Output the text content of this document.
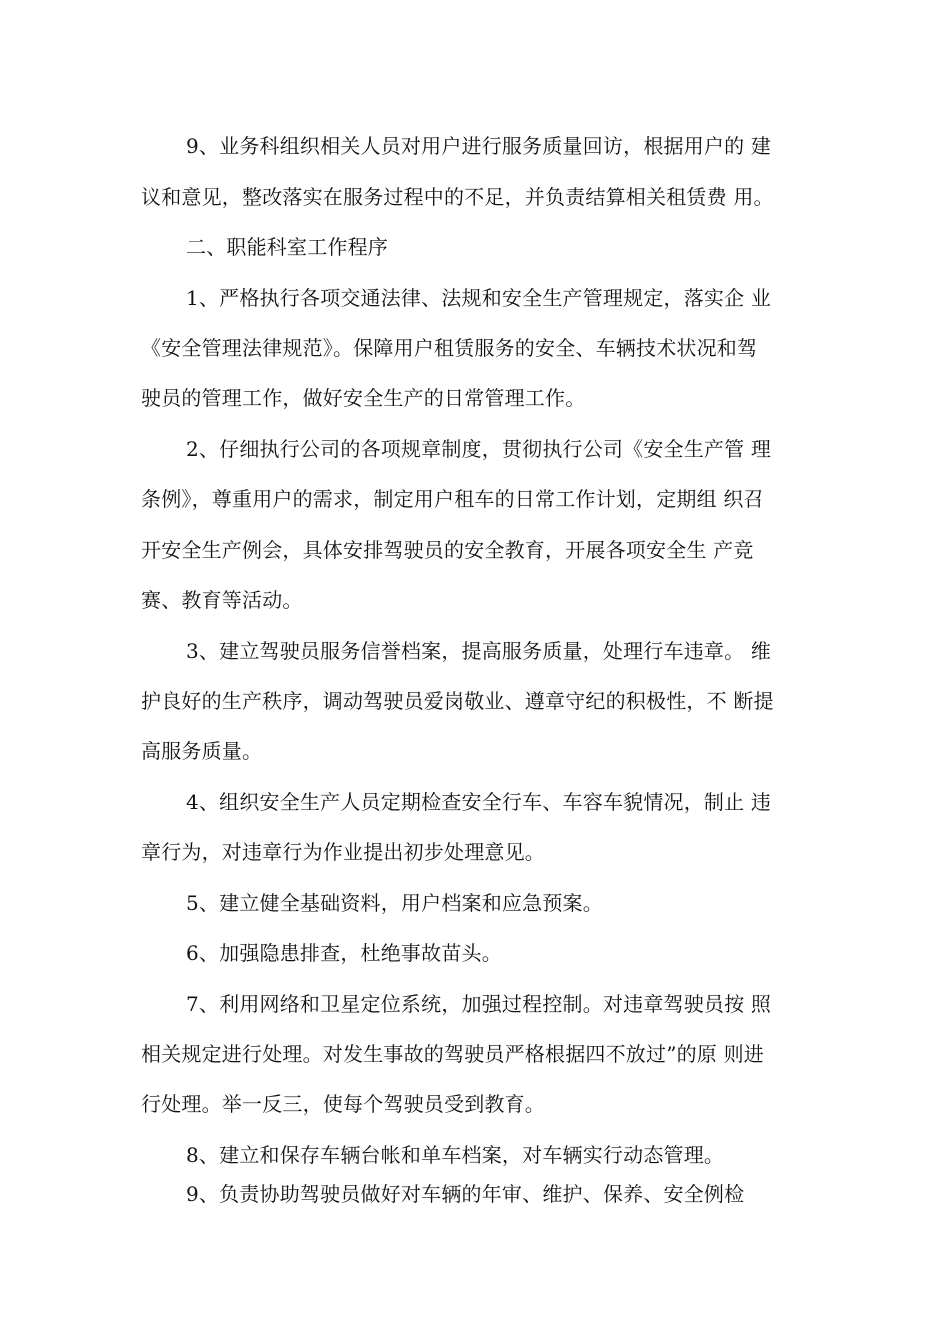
9、业务科组织相关人员对用户进行服务质量回访，根据用户的 建
议和意见，整改落实在服务过程中的不足，并负责结算相关租赁费 用。
二、职能科室工作程序
1、严格执行各项交通法律、法规和安全生产管理规定，落实企 业
《安全管理法律规范》。保障用户租赁服务的安全、车辆技术状况和驾
驶员的管理工作，做好安全生产的日常管理工作。
2、仔细执行公司的各项规章制度，贯彻执行公司《安全生产管 理
条例》，尊重用户的需求，制定用户租车的日常工作计划，定期组 织召
开安全生产例会，具体安排驾驶员的安全教育，开展各项安全生 产竞
赛、教育等活动。
3、建立驾驶员服务信誉档案，提高服务质量，处理行车违章。 维
护良好的生产秩序，调动驾驶员爱岗敬业、遵章守纪的积极性，不 断提
高服务质量。
4、组织安全生产人员定期检查安全行车、车容车貌情况，制止 违
章行为，对违章行为作业提出初步处理意见。
5、建立健全基础资料，用户档案和应急预案。
6、加强隐患排查，杜绝事故苗头。
7、利用网络和卫星定位系统，加强过程控制。对违章驾驶员按 照
相关规定进行处理。对发生事故的驾驶员严格根据四不放过”的原 则进
行处理。举一反三，使每个驾驶员受到教育。
8、建立和保存车辆台帐和单车档案，对车辆实行动态管理。
9、负责协助驾驶员做好对车辆的年审、维护、保养、安全例检
